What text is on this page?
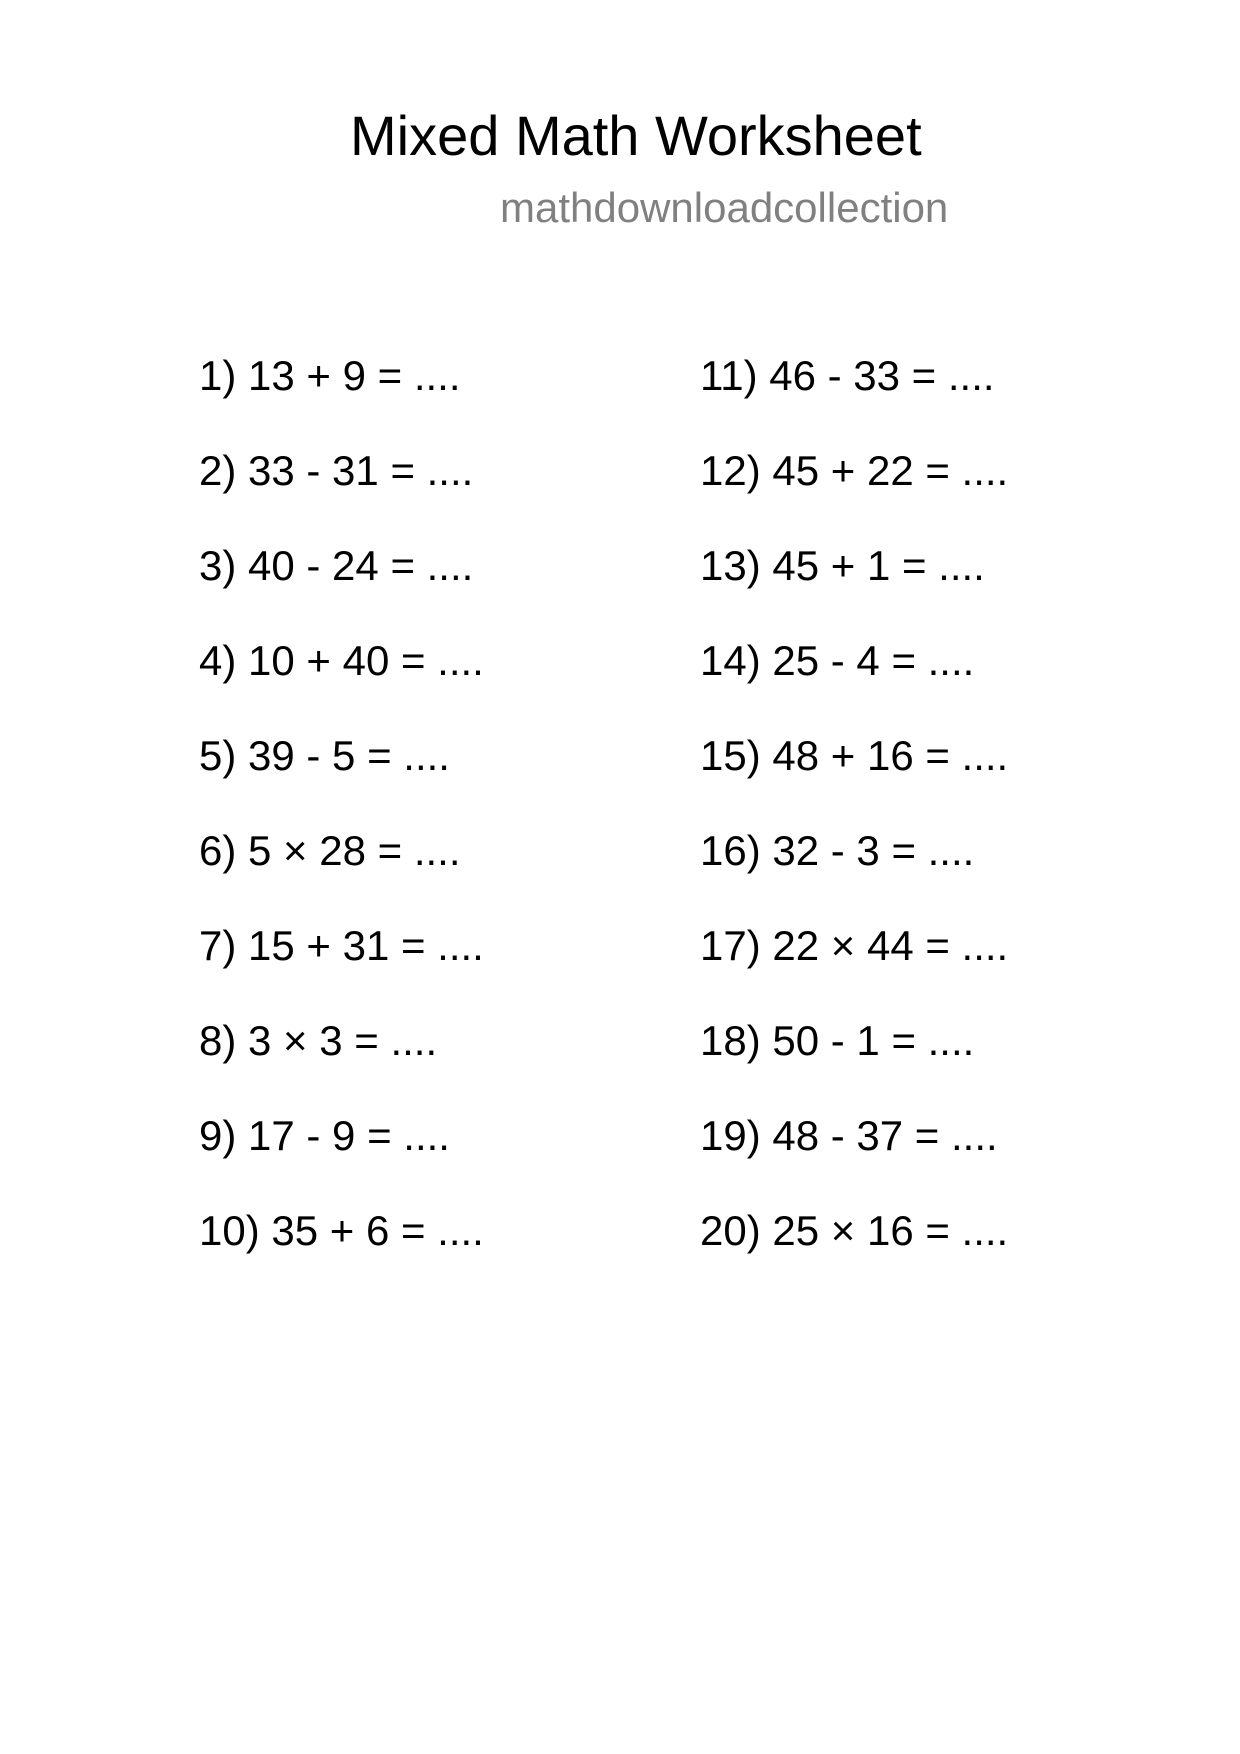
Mixed Math Worksheet
mathdownloadcollection
1) 13 + 9 = ....
2) 33 - 31 = ....
3) 40 - 24 = ....
4) 10 + 40 = ....
5) 39 - 5 = ....
6) 5 × 28 = ....
7) 15 + 31 = ....
8) 3 × 3 = ....
9) 17 - 9 = ....
10) 35 + 6 = ....
11) 46 - 33 = ....
12) 45 + 22 = ....
13) 45 + 1 = ....
14) 25 - 4 = ....
15) 48 + 16 = ....
16) 32 - 3 = ....
17) 22 × 44 = ....
18) 50 - 1 = ....
19) 48 - 37 = ....
20) 25 × 16 = ....
